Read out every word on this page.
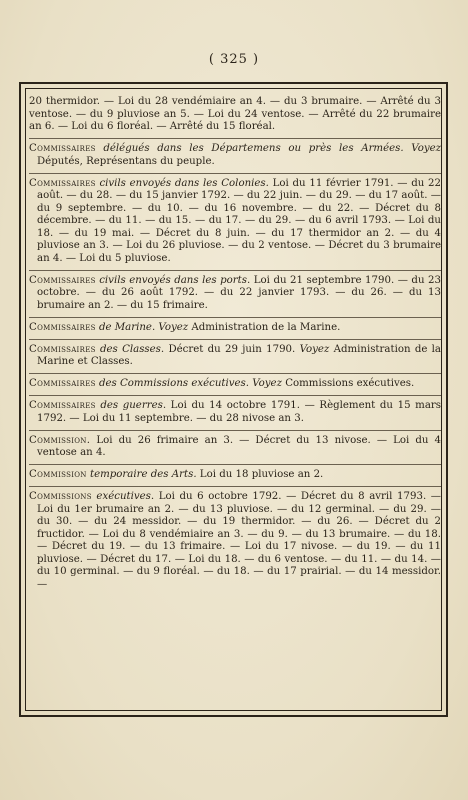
( 325 )

20 thermidor. — Loi du 28 vendémiaire an 4. — du 3 brumaire. — Arrêté du 3 ventose. — du 9 pluviose an 5. — Loi du 24 ventose. — Arrêté du 22 brumaire an 6. — Loi du 6 floréal. — Arrêté du 15 floréal.

Commissaires délégués dans les Départemens ou près les Armées. Voyez Députés, Représentans du peuple.

Commissaires civils envoyés dans les Colonies. Loi du 11 février 1791. — du 22 août. — du 28. — du 15 janvier 1792. — du 22 juin. — du 29. — du 17 août. — du 9 septembre. — du 10. — du 16 novembre. — du 22. — Décret du 8 décembre. — du 11. — du 15. — du 17. — du 29. — du 6 avril 1793. — Loi du 18. — du 19 mai. — Décret du 8 juin. — du 17 thermidor an 2. — du 4 pluviose an 3. — Loi du 26 pluviose. — du 2 ventose. — Décret du 3 brumaire an 4. — Loi du 5 pluviose.

Commissaires civils envoyés dans les ports. Loi du 21 septembre 1790. — du 23 octobre. — du 26 août 1792. — du 22 janvier 1793. — du 26. — du 13 brumaire an 2. — du 15 frimaire.

Commissaires de Marine. Voyez Administration de la Marine.

Commissaires des Classes. Décret du 29 juin 1790. Voyez Administration de la Marine et Classes.

Commissaires des Commissions exécutives. Voyez Commissions exécutives.

Commissaires des guerres. Loi du 14 octobre 1791. — Règlement du 15 mars 1792. — Loi du 11 septembre. — du 28 nivose an 3.

Commission. Loi du 26 frimaire an 3. — Décret du 13 nivose. — Loi du 4 ventose an 4.

Commission temporaire des Arts. Loi du 18 pluviose an 2.

Commissions exécutives. Loi du 6 octobre 1792. — Décret du 8 avril 1793. — Loi du 1er brumaire an 2. — du 13 pluviose. — du 12 germinal. — du 29. — du 30. — du 24 messidor. — du 19 thermidor. — du 26. — Décret du 2 fructidor. — Loi du 8 vendémiaire an 3. — du 9. — du 13 brumaire. — du 18. — Décret du 19. — du 13 frimaire. — Loi du 17 nivose. — du 19. — du 11 pluviose. — Décret du 17. — Loi du 18. — du 6 ventose. — du 11. — du 14. — du 10 germinal. — du 9 floréal. — du 18. — du 17 prairial. — du 14 messidor. —
